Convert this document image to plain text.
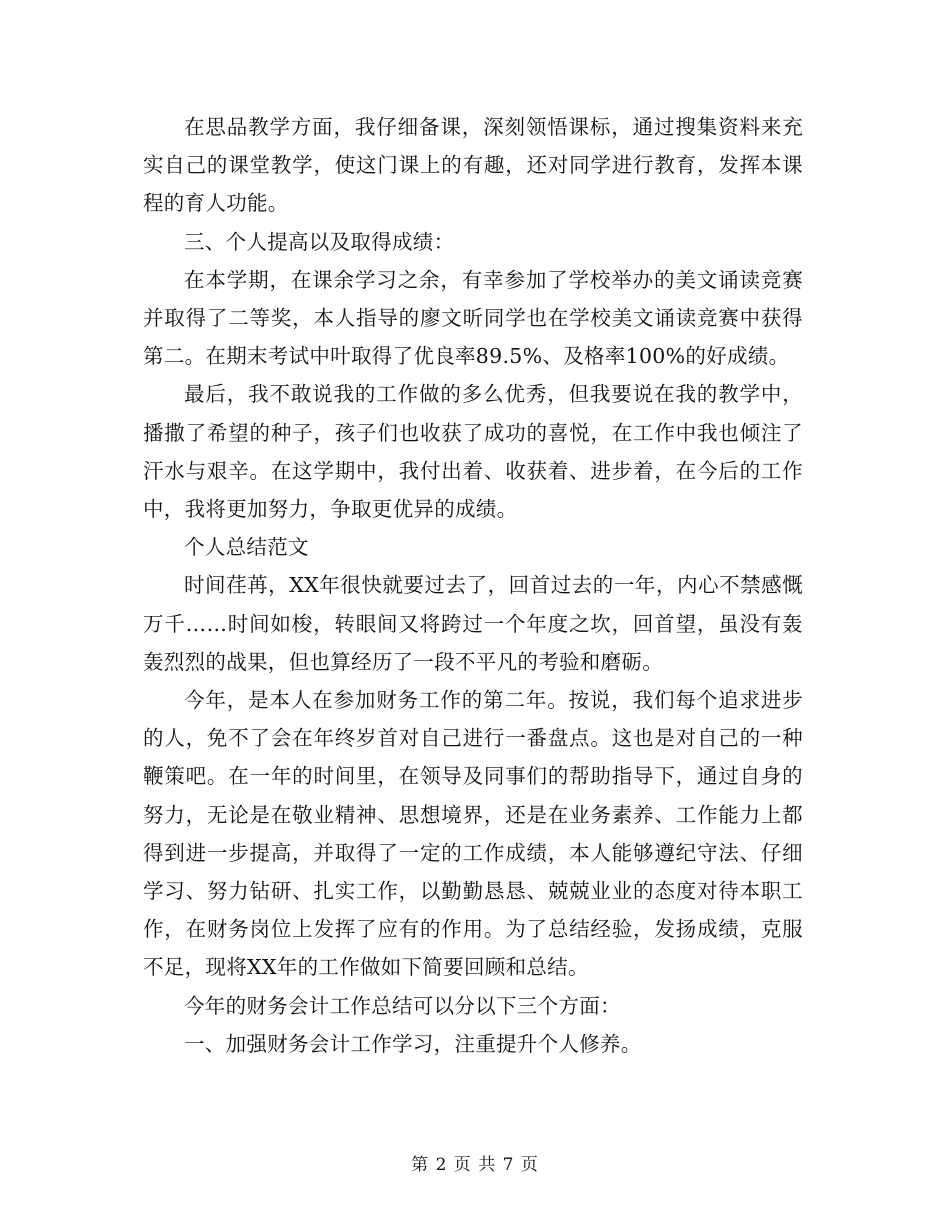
在思品教学方面，我仔细备课，深刻领悟课标，通过搜集资料来充实自己的课堂教学，使这门课上的有趣，还对同学进行教育，发挥本课程的育人功能。

三、个人提高以及取得成绩：

在本学期，在课余学习之余，有幸参加了学校举办的美文诵读竞赛并取得了二等奖，本人指导的廖文昕同学也在学校美文诵读竞赛中获得第二。在期末考试中叶取得了优良率89.5%、及格率100%的好成绩。

最后，我不敢说我的工作做的多么优秀，但我要说在我的教学中，播撒了希望的种子，孩子们也收获了成功的喜悦，在工作中我也倾注了汗水与艰辛。在这学期中，我付出着、收获着、进步着，在今后的工作中，我将更加努力，争取更优异的成绩。

个人总结范文

时间荏苒，XX年很快就要过去了，回首过去的一年，内心不禁感慨万千……时间如梭，转眼间又将跨过一个年度之坎，回首望，虽没有轰轰烈烈的战果，但也算经历了一段不平凡的考验和磨砺。

今年，是本人在参加财务工作的第二年。按说，我们每个追求进步的人，免不了会在年终岁首对自己进行一番盘点。这也是对自己的一种鞭策吧。在一年的时间里，在领导及同事们的帮助指导下，通过自身的努力，无论是在敬业精神、思想境界，还是在业务素养、工作能力上都得到进一步提高，并取得了一定的工作成绩，本人能够遵纪守法、仔细学习、努力钻研、扎实工作，以勤勤恳恳、兢兢业业的态度对待本职工作，在财务岗位上发挥了应有的作用。为了总结经验，发扬成绩，克服不足，现将XX年的工作做如下简要回顾和总结。

今年的财务会计工作总结可以分以下三个方面：

一、加强财务会计工作学习，注重提升个人修养。

第 2 页 共 7 页
